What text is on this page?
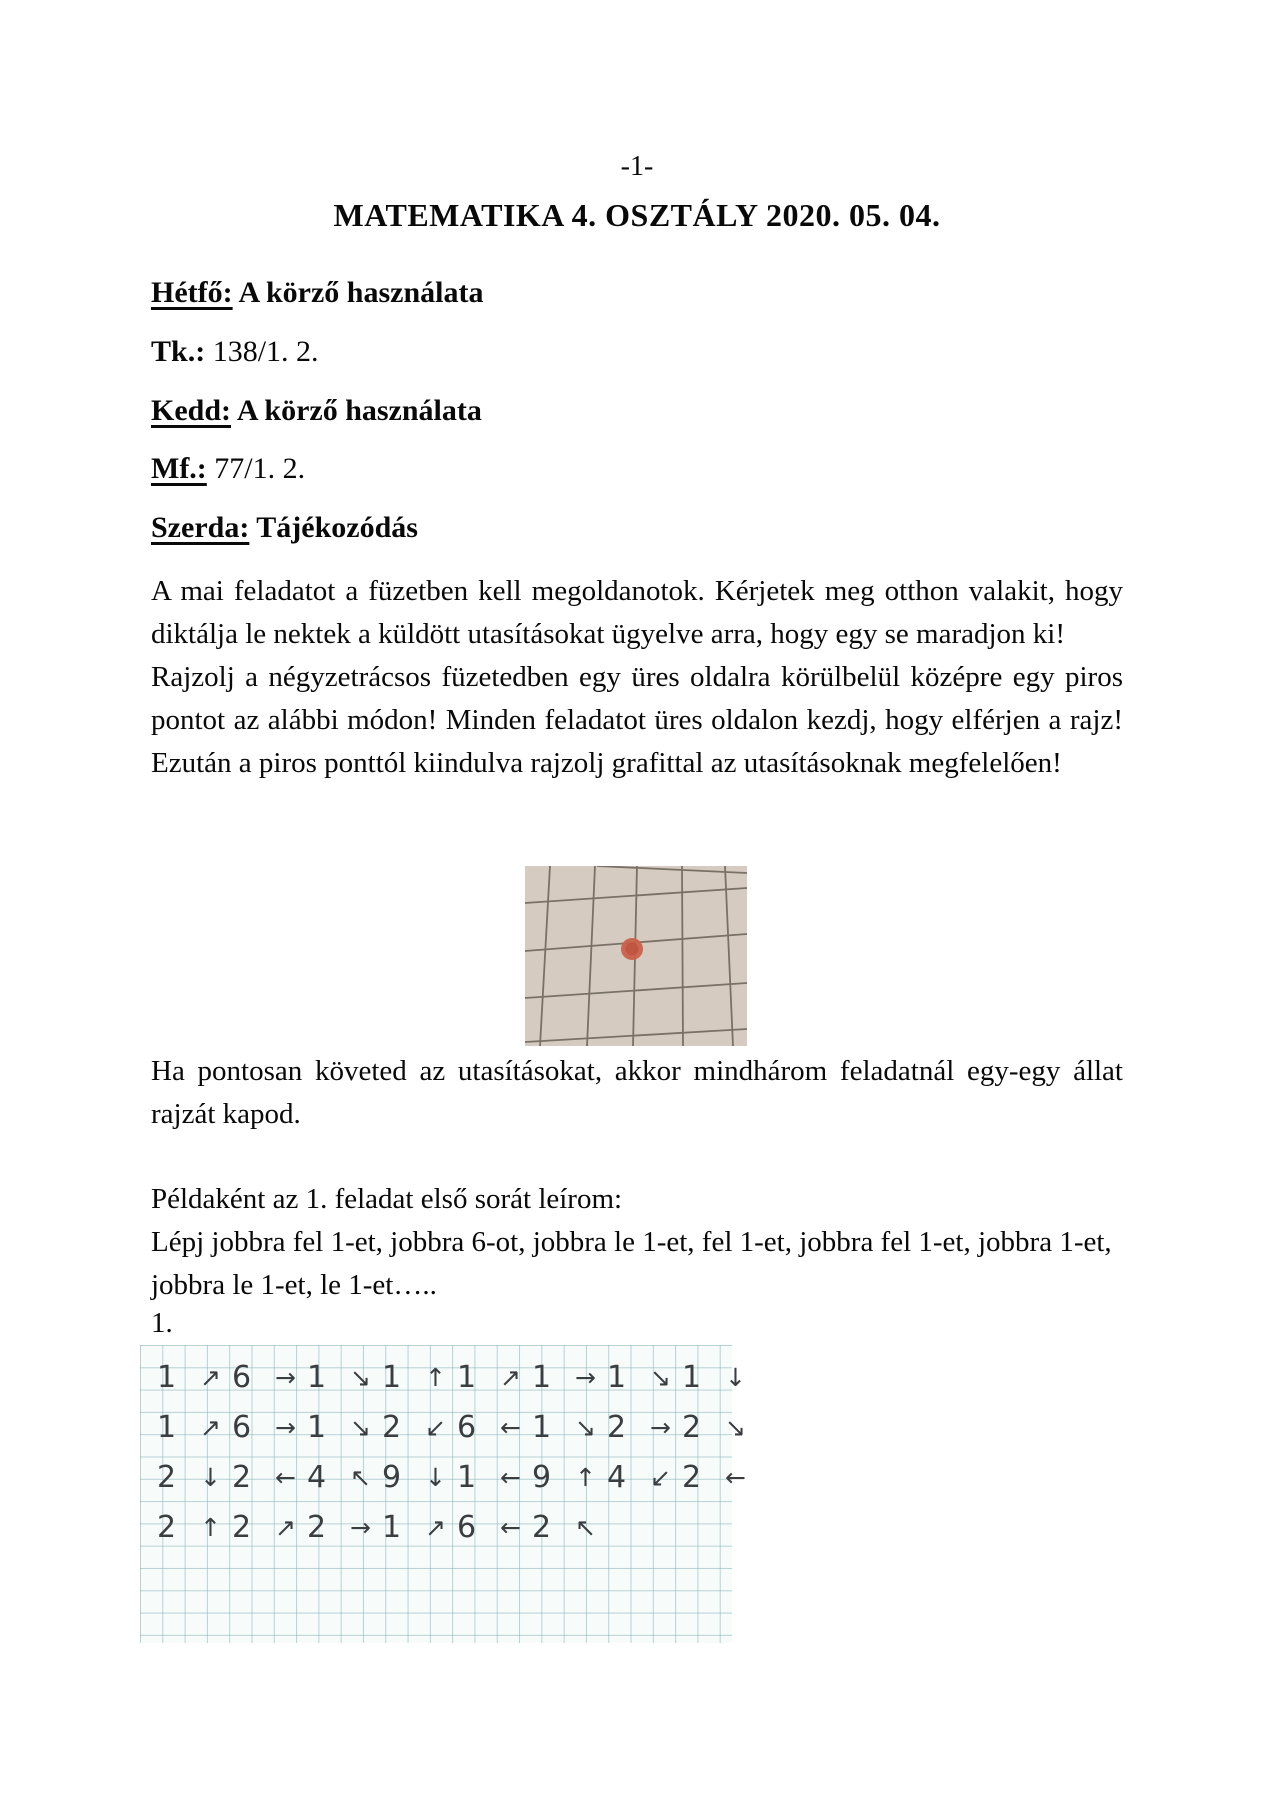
-1-
MATEMATIKA 4. OSZTÁLY 2020. 05. 04.
Hétfő: A körző használata
Tk.: 138/1. 2.
Kedd: A körző használata
Mf.: 77/1. 2.
Szerda: Tájékozódás

A mai feladatot a füzetben kell megoldanotok. Kérjetek meg otthon valakit, hogy diktálja le nektek a küldött utasításokat ügyelve arra, hogy egy se maradjon ki!

Rajzolj a négyzetrácsos füzetedben egy üres oldalra körülbelül középre egy piros pontot az alábbi módon! Minden feladatot üres oldalon kezdj, hogy elférjen a rajz! Ezután a piros ponttól kiindulva rajzolj grafittal az utasításoknak megfelelően!

Ha pontosan követed az utasításokat, akkor mindhárom feladatnál egy-egy állat rajzát kapod.

Példaként az 1. feladat első sorát leírom:

Lépj jobbra fel 1-et, jobbra 6-ot, jobbra le 1-et, fel 1-et, jobbra fel 1-et, jobbra 1-et, jobbra le 1-et, le 1-et…..

1.
1 ↗ 6 → 1 ↘ 1 ↑ 1 ↗ 1 → 1 ↘ 1 ↓
1 ↗ 6 → 1 ↘ 2 ↙ 6 ← 1 ↘ 2 → 2 ↘
2 ↓ 2 ← 4 ↖ 9 ↓ 1 ← 9 ↑ 4 ↙ 2 ←
2 ↑ 2 ↗ 2 → 1 ↗ 6 ← 2 ↖
